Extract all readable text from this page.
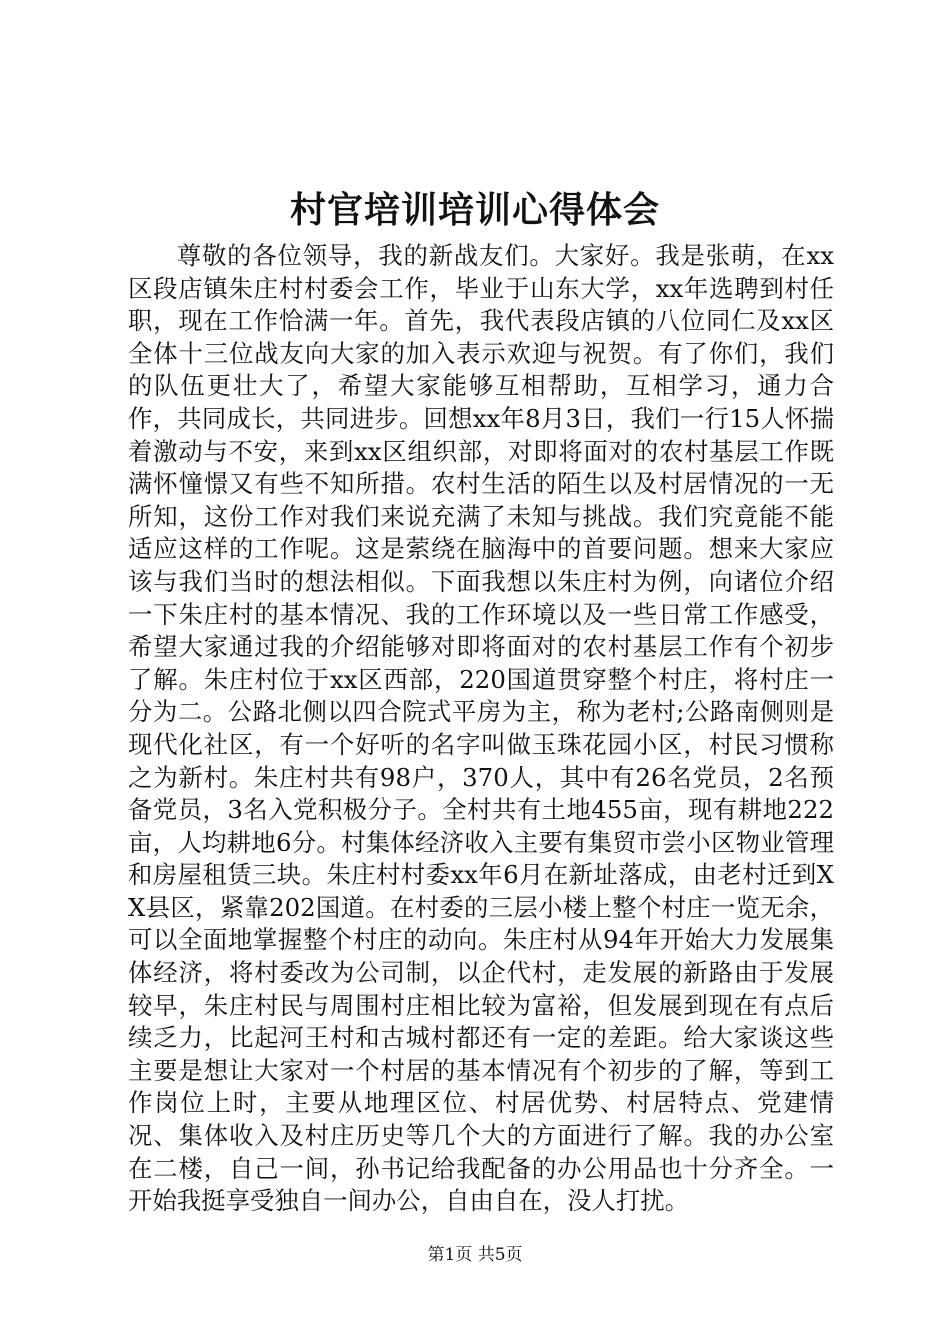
村官培训培训心得体会

尊敬的各位领导，我的新战友们。大家好。我是张萌，在xx区段店镇朱庄村村委会工作，毕业于山东大学，xx年选聘到村任职，现在工作恰满一年。首先，我代表段店镇的八位同仁及xx区全体十三位战友向大家的加入表示欢迎与祝贺。有了你们，我们的队伍更壮大了，希望大家能够互相帮助，互相学习，通力合作，共同成长，共同进步。回想xx年8月3日，我们一行15人怀揣着激动与不安，来到xx区组织部，对即将面对的农村基层工作既满怀憧憬又有些不知所措。农村生活的陌生以及村居情况的一无所知，这份工作对我们来说充满了未知与挑战。我们究竟能不能适应这样的工作呢。这是萦绕在脑海中的首要问题。想来大家应该与我们当时的想法相似。下面我想以朱庄村为例，向诸位介绍一下朱庄村的基本情况、我的工作环境以及一些日常工作感受，希望大家通过我的介绍能够对即将面对的农村基层工作有个初步了解。朱庄村位于xx区西部，220国道贯穿整个村庄，将村庄一分为二。公路北侧以四合院式平房为主，称为老村;公路南侧则是现代化社区，有一个好听的名字叫做玉珠花园小区，村民习惯称之为新村。朱庄村共有98户，370人，其中有26名党员，2名预备党员，3名入党积极分子。全村共有土地455亩，现有耕地222亩，人均耕地6分。村集体经济收入主要有集贸市尝小区物业管理和房屋租赁三块。朱庄村村委xx年6月在新址落成，由老村迁到XX县区，紧靠202国道。在村委的三层小楼上整个村庄一览无余，可以全面地掌握整个村庄的动向。朱庄村从94年开始大力发展集体经济，将村委改为公司制，以企代村，走发展的新路由于发展较早，朱庄村民与周围村庄相比较为富裕，但发展到现在有点后续乏力，比起河王村和古城村都还有一定的差距。给大家谈这些主要是想让大家对一个村居的基本情况有个初步的了解，等到工作岗位上时，主要从地理区位、村居优势、村居特点、党建情况、集体收入及村庄历史等几个大的方面进行了解。我的办公室在二楼，自己一间，孙书记给我配备的办公用品也十分齐全。一开始我挺享受独自一间办公，自由自在，没人打扰。

第1页 共5页
